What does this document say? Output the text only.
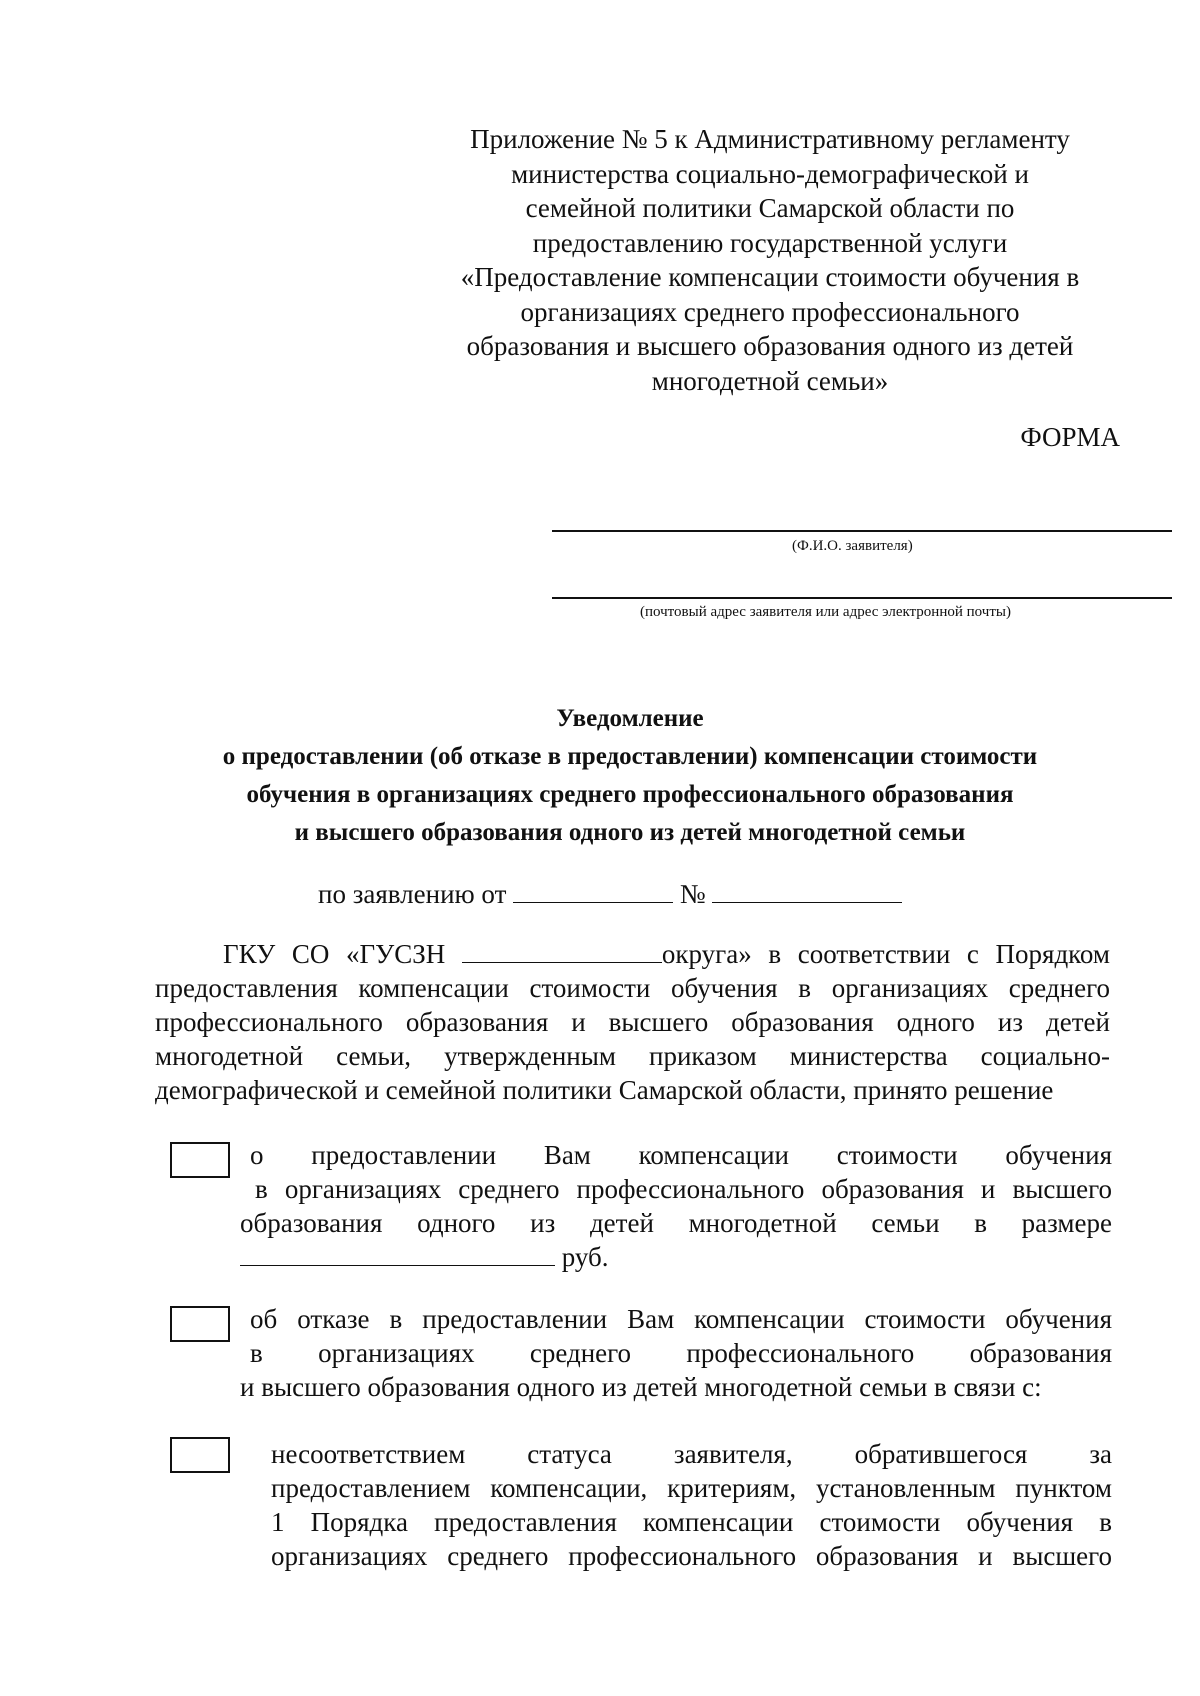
Приложение № 5 к Административному регламенту
министерства социально-демографической и
семейной политики Самарской области по
предоставлению государственной услуги
«Предоставление компенсации стоимости обучения в
организациях среднего профессионального
образования и высшего образования одного из детей
многодетной семьи»
ФОРМА
(Ф.И.О. заявителя)
(почтовый адрес заявителя или адрес электронной почты)
Уведомление
о предоставлении (об отказе в предоставлении) компенсации стоимости
обучения в организациях среднего профессионального образования
и высшего образования одного из детей многодетной семьи
по заявлению от	№
ГКУ СО «ГУСЗН	округа» в соответствии с Порядком
предоставления компенсации стоимости обучения в организациях среднего
профессионального образования и высшего образования одного из детей
многодетной семьи, утвержденным приказом министерства социально-
демографической и семейной политики Самарской области, принято решение
о предоставлении Вам компенсации стоимости обучения
в организациях среднего профессионального образования и высшего
образования одного из детей многодетной семьи в размере
руб.
об отказе в предоставлении Вам компенсации стоимости обучения
в организациях среднего профессионального образования
и высшего образования одного из детей многодетной семьи в связи с:
несоответствием статуса заявителя, обратившегося за
предоставлением компенсации, критериям, установленным пунктом
1 Порядка предоставления компенсации стоимости обучения в
организациях среднего профессионального образования и высшего
